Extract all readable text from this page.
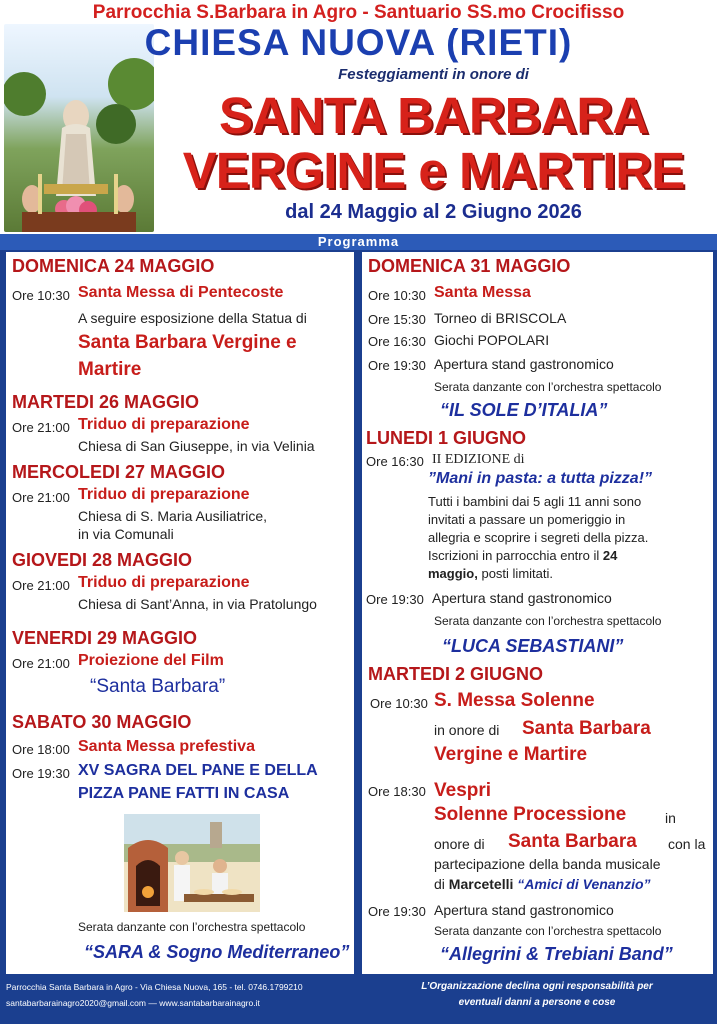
Parrocchia S.Barbara in Agro - Santuario SS.mo Crocifisso
CHIESA NUOVA (RIETI)
Festeggiamenti in onore di
SANTA BARBARA
VERGINE e MARTIRE
dal 24 Maggio al 2 Giugno 2026
Programma
DOMENICA 24 MAGGIO
Ore 10:30 Santa Messa di Pentecoste
A seguire esposizione della Statua di
Santa Barbara Vergine e
Martire
MARTEDI 26 MAGGIO
Ore 21:00 Triduo di preparazione
Chiesa di San Giuseppe, in via Velinia
MERCOLEDI 27 MAGGIO
Ore 21:00 Triduo di preparazione
Chiesa di S. Maria Ausiliatrice,
in via Comunali
GIOVEDI 28 MAGGIO
Ore 21:00 Triduo di preparazione
Chiesa di Sant’Anna, in via Pratolungo
VENERDI 29 MAGGIO
Ore 21:00 Proiezione del Film
“Santa Barbara”
SABATO 30 MAGGIO
Ore 18:00 Santa Messa prefestiva
Ore 19:30 XV SAGRA DEL PANE E DELLA
PIZZA PANE FATTI IN CASA
Serata danzante con l’orchestra spettacolo
“SARA & Sogno Mediterraneo”
DOMENICA 31 MAGGIO
Ore 10:30 Santa Messa
Ore 15:30 Torneo di BRISCOLA
Ore 16:30 Giochi POPOLARI
Ore 19:30 Apertura stand gastronomico
Serata danzante con l’orchestra spettacolo
“IL SOLE D’ITALIA”
LUNEDI 1 GIUGNO
Ore 16:30 II EDIZIONE di
”Mani in pasta: a tutta pizza!”
Tutti i bambini dai 5 agli 11 anni sono
invitati a passare un pomeriggio in
allegria e scoprire i segreti della pizza.
Iscrizioni in parrocchia entro il 24
maggio, posti limitati.
Ore 19:30 Apertura stand gastronomico
Serata danzante con l’orchestra spettacolo
“LUCA SEBASTIANI”
MARTEDI 2 GIUGNO
Ore 10:30 S. Messa Solenne
in onore di Santa Barbara
Vergine e Martire
Ore 18:30 Vespri
Solenne Processione	in
onore di Santa Barbara con la
partecipazione della banda musicale
di Marcetelli “Amici di Venanzio”
Ore 19:30 Apertura stand gastronomico
Serata danzante con l’orchestra spettacolo
“Allegrini & Trebiani Band”
Parrocchia Santa Barbara in Agro - Via Chiesa Nuova, 165 - tel. 0746.1799210
santabarbarainagro2020@gmail.com — www.santabarbarainagro.it
L’Organizzazione declina ogni responsabilità per
eventuali danni a persone e cose
